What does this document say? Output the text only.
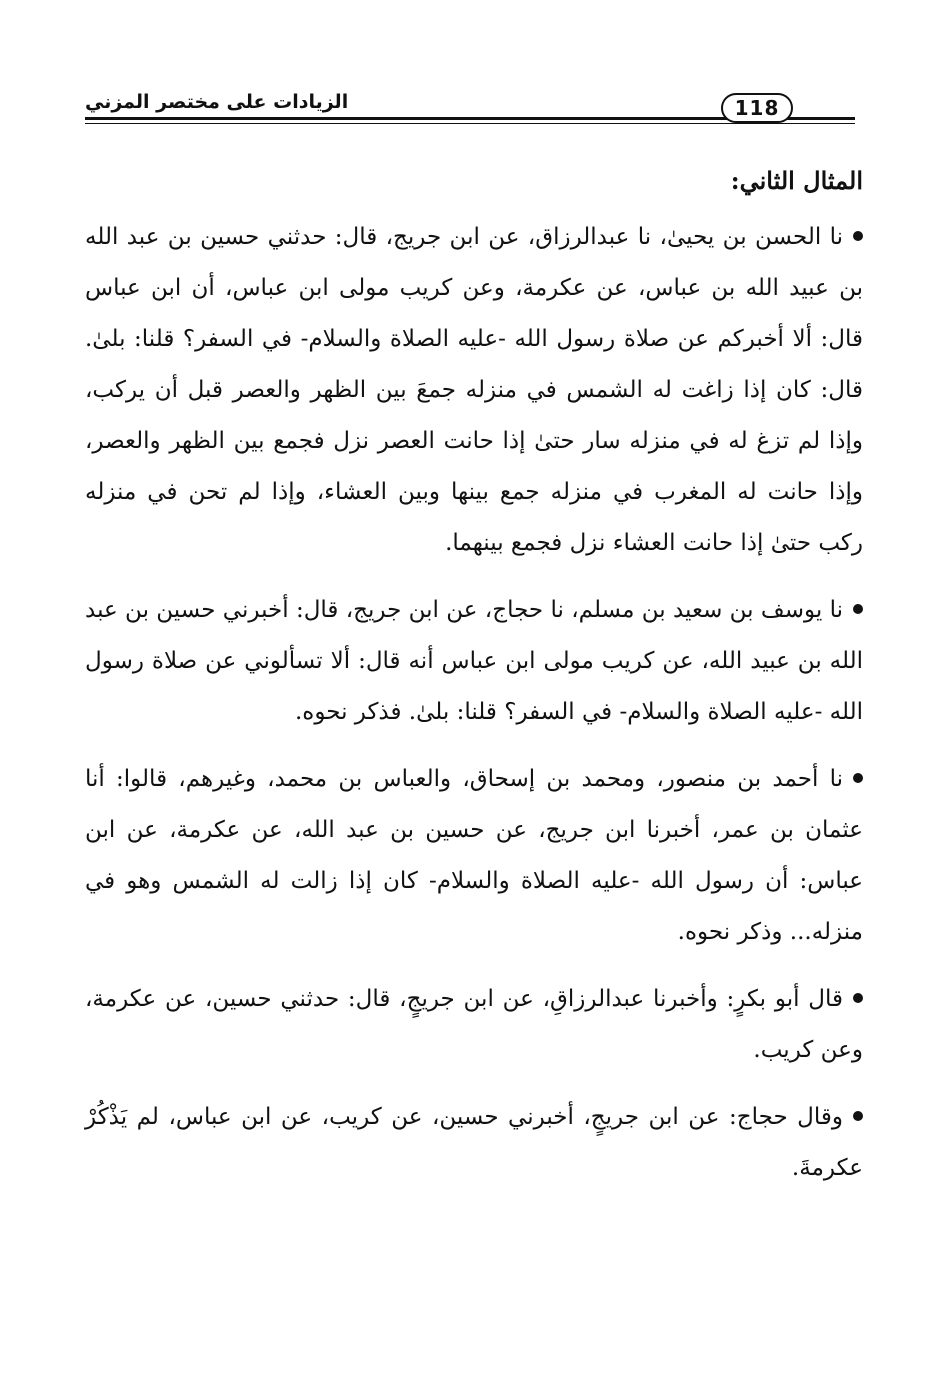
الزيادات على مختصر المزني	118
المثال الثاني:

نا الحسن بن يحيىٰ، نا عبدالرزاق، عن ابن جريج، قال: حدثني حسين بن عبد الله بن عبيد الله بن عباس، عن عكرمة، وعن كريب مولى ابن عباس، أن ابن عباس قال: ألا أخبركم عن صلاة رسول الله -عليه الصلاة والسلام- في السفر؟ قلنا: بلىٰ. قال: كان إذا زاغت له الشمس في منزله جمعَ بين الظهر والعصر قبل أن يركب، وإذا لم تزغ له في منزله سار حتىٰ إذا حانت العصر نزل فجمع بين الظهر والعصر، وإذا حانت له المغرب في منزله جمع بينها وبين العشاء، وإذا لم تحن في منزله ركب حتىٰ إذا حانت العشاء نزل فجمع بينهما.

نا يوسف بن سعيد بن مسلم، نا حجاج، عن ابن جريج، قال: أخبرني حسين بن عبد الله بن عبيد الله، عن كريب مولى ابن عباس أنه قال: ألا تسألوني عن صلاة رسول الله -عليه الصلاة والسلام- في السفر؟ قلنا: بلىٰ. فذكر نحوه.

نا أحمد بن منصور، ومحمد بن إسحاق، والعباس بن محمد، وغيرهم، قالوا: أنا عثمان بن عمر، أخبرنا ابن جريج، عن حسين بن عبد الله، عن عكرمة، عن ابن عباس: أن رسول الله -عليه الصلاة والسلام- كان إذا زالت له الشمس وهو في منزله... وذكر نحوه.

قال أبو بكرٍ: وأخبرنا عبدالرزاقِ، عن ابن جريجٍ، قال: حدثني حسين، عن عكرمة، وعن كريب.

وقال حجاج: عن ابن جريجٍ، أخبرني حسين، عن كريب، عن ابن عباس، لم يَذْكُرْ عكرمةَ.
